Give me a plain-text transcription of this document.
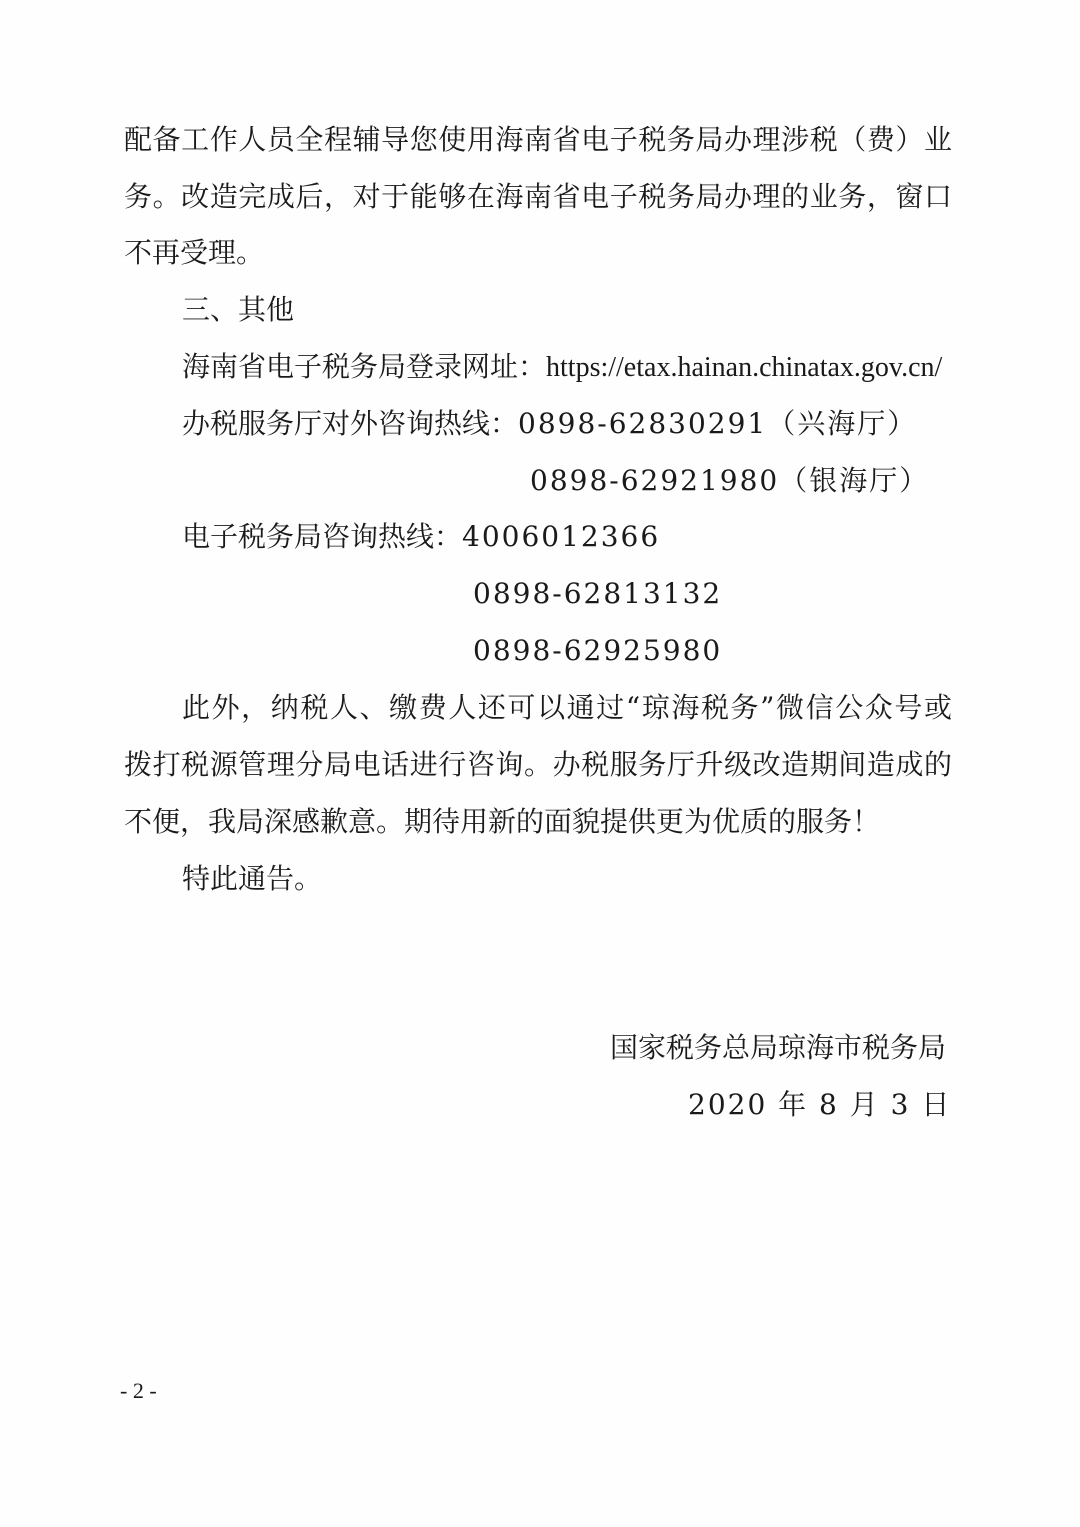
配备工作人员全程辅导您使用海南省电子税务局办理涉税（费）业
务。改造完成后，对于能够在海南省电子税务局办理的业务，窗口
不再受理。
三、其他
海南省电子税务局登录网址：https://etax.hainan.chinatax.gov.cn/
办税服务厅对外咨询热线：0898-62830291（兴海厅）
0898-62921980（银海厅）
电子税务局咨询热线：4006012366
0898-62813132
0898-62925980
此外，纳税人、缴费人还可以通过“琼海税务”微信公众号或
拨打税源管理分局电话进行咨询。办税服务厅升级改造期间造成的
不便，我局深感歉意。期待用新的面貌提供更为优质的服务！
特此通告。
国家税务总局琼海市税务局
2020 年 8 月 3 日
- 2 -
